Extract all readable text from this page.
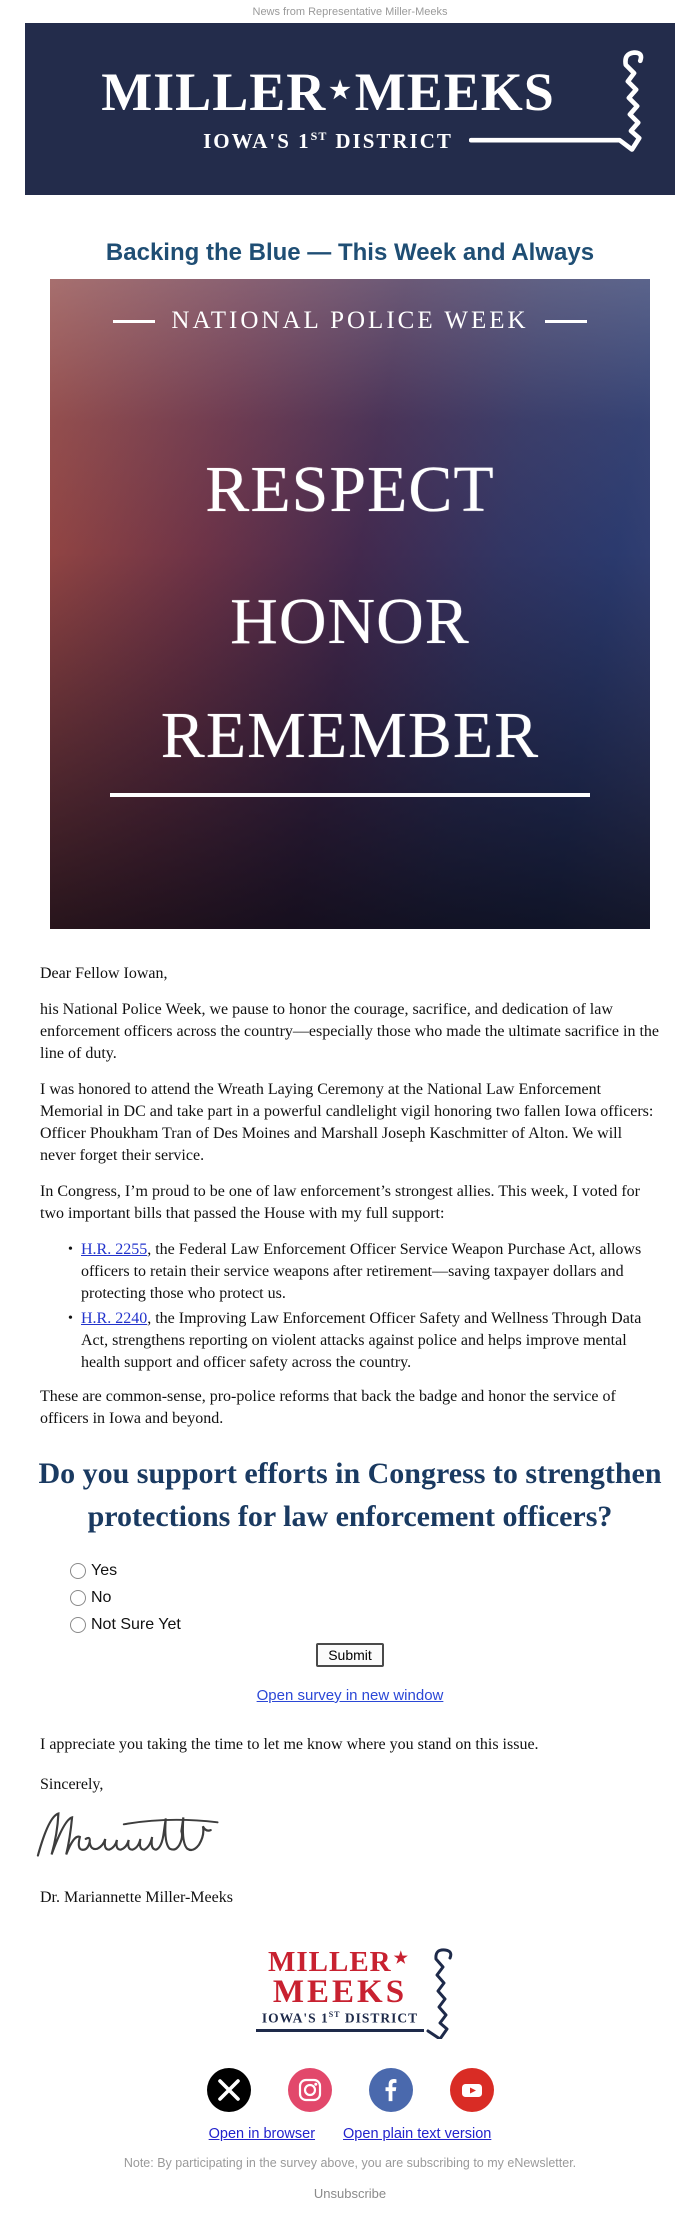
News from Representative Miller-Meeks
MILLER ★MEEKS
IOWA'S 1ST DISTRICT
Backing the Blue — This Week and Always
NATIONAL POLICE WEEK
RESPECT
HONOR
REMEMBER

Dear Fellow Iowan,

his National Police Week, we pause to honor the courage, sacrifice, and dedication of law enforcement officers across the country—especially those who made the ultimate sacrifice in the line of duty.

I was honored to attend the Wreath Laying Ceremony at the National Law Enforcement Memorial in DC and take part in a powerful candlelight vigil honoring two fallen Iowa officers: Officer Phoukham Tran of Des Moines and Marshall Joseph Kaschmitter of Alton. We will never forget their service.

In Congress, I’m proud to be one of law enforcement’s strongest allies. This week, I voted for two important bills that passed the House with my full support:

• H.R. 2255, the Federal Law Enforcement Officer Service Weapon Purchase Act, allows officers to retain their service weapons after retirement—saving taxpayer dollars and protecting those who protect us.
• H.R. 2240, the Improving Law Enforcement Officer Safety and Wellness Through Data Act, strengthens reporting on violent attacks against police and helps improve mental health support and officer safety across the country.

These are common-sense, pro-police reforms that back the badge and honor the service of officers in Iowa and beyond.

Do you support efforts in Congress to strengthen protections for law enforcement officers?
Yes
No
Not Sure Yet
Submit
Open survey in new window
I appreciate you taking the time to let me know where you stand on this issue.
Sincerely,
Dr. Mariannette Miller-Meeks
MILLER ★
MEEKS
IOWA'S 1ST DISTRICT
Open in browser Open plain text version
Note: By participating in the survey above, you are subscribing to my eNewsletter.
Unsubscribe
